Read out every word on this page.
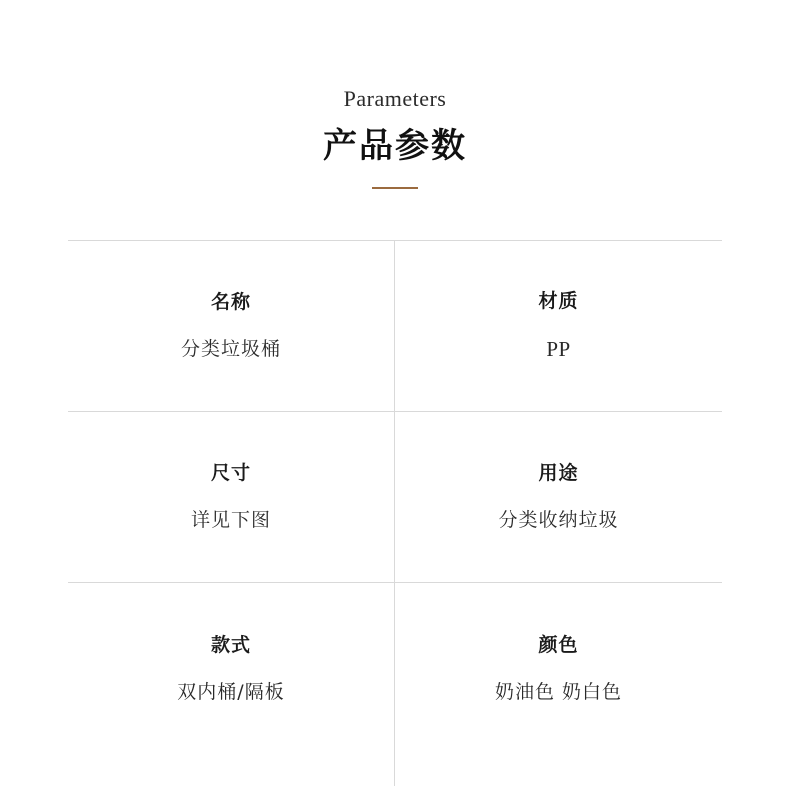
Parameters
产品参数
名称
分类垃圾桶
材质
PP
尺寸
详见下图
用途
分类收纳垃圾
款式
双内桶/隔板
颜色
奶油色 奶白色
